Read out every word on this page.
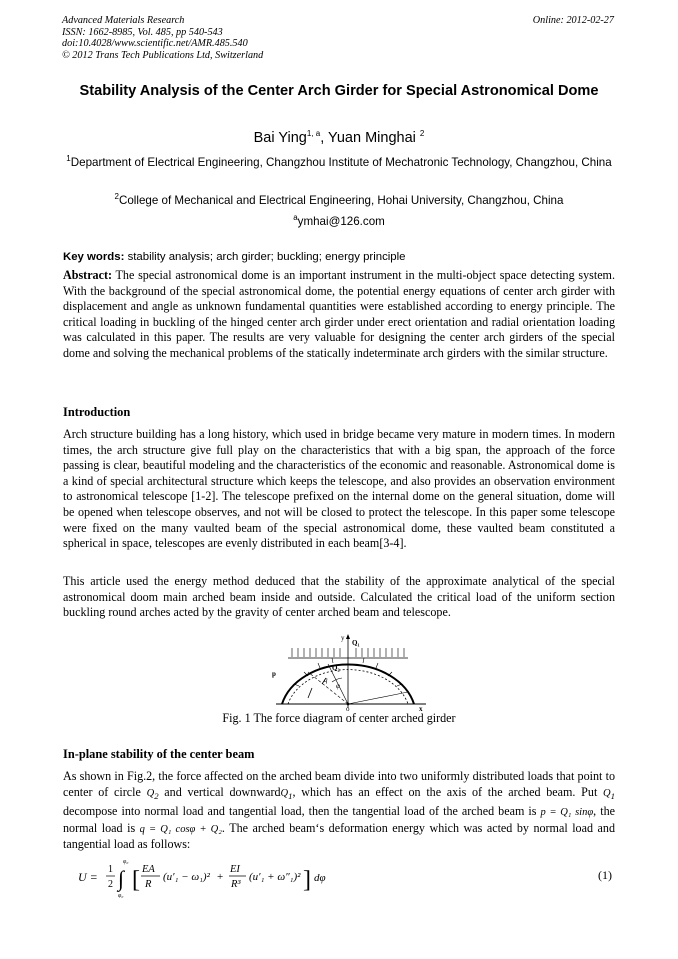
Advanced Materials Research
ISSN: 1662-8985, Vol. 485, pp 540-543
doi:10.4028/www.scientific.net/AMR.485.540
© 2012 Trans Tech Publications Ltd, Switzerland
Online: 2012-02-27
Stability Analysis of the Center Arch Girder for Special Astronomical Dome
Bai Ying$^{1, a}$, Yuan Minghai $^2$
$^1$Department of Electrical Engineering, Changzhou Institute of Mechatronic Technology, Changzhou, China
$^2$College of Mechanical and Electrical Engineering, Hohai University, Changzhou, China
$^a$ymhai@126.com
Key words: stability analysis; arch girder; buckling; energy principle
Abstract: The special astronomical dome is an important instrument in the multi-object space detecting system. With the background of the special astronomical dome, the potential energy equations of center arch girder with displacement and angle as unknown fundamental quantities were established according to energy principle. The critical loading in buckling of the hinged center arch girder under erect orientation and radial orientation loading was calculated in this paper. The results are very valuable for designing the center arch girders of the special dome and solving the mechanical problems of the statically indeterminate arch girders with the similar structure.
Introduction
Arch structure building has a long history, which used in bridge became very mature in modern times. In modern times, the arch structure give full play on the characteristics that with a big span, the approach of the force passing is clear, beautiful modeling and the characteristics of the economic and reasonable. Astronomical dome is a kind of special architectural structure which keeps the telescope, and also provides an observation environment to astronomical telescope [1-2]. The telescope prefixed on the internal dome on the general situation, dome will be opened when telescope observes, and not will be closed to protect the telescope. In this paper some telescope were fixed on the many vaulted beam of the special astronomical dome, these vaulted beam constituted a spherical in space, telescopes are evenly distributed in each beam[3-4].
This article used the energy method deduced that the stability of the approximate analytical of the special astronomical doom main arched beam inside and outside. Calculated the critical load of the uniform section buckling round arches acted by the gravity of center arched beam and telescope.
y
Q₁
Q₂
p
q
φ
o	x
Fig. 1 The force diagram of center arched girder
In-plane stability of the center beam
As shown in Fig.2, the force affected on the arched beam divide into two uniformly distributed loads that point to center of circle $Q_2$ and vertical downwardQ$_1$, which has an effect on the axis of the arched beam. Put $Q_1$ decompose into normal load and tangential load, then the tangential load of the arched beam is p = Q₁ sinφ, the normal load is q = Q₁ cosφ + Q₂. The arched beam‘s deformation energy which was acted by normal load and tangential load as follows:
U =
1
2 ∫
φ₀
φ₀
[ EA
R
(u′₁ − ω₁)² +
EI
R³
(u′₁ + ω″₁)² ] dφ	(1)
